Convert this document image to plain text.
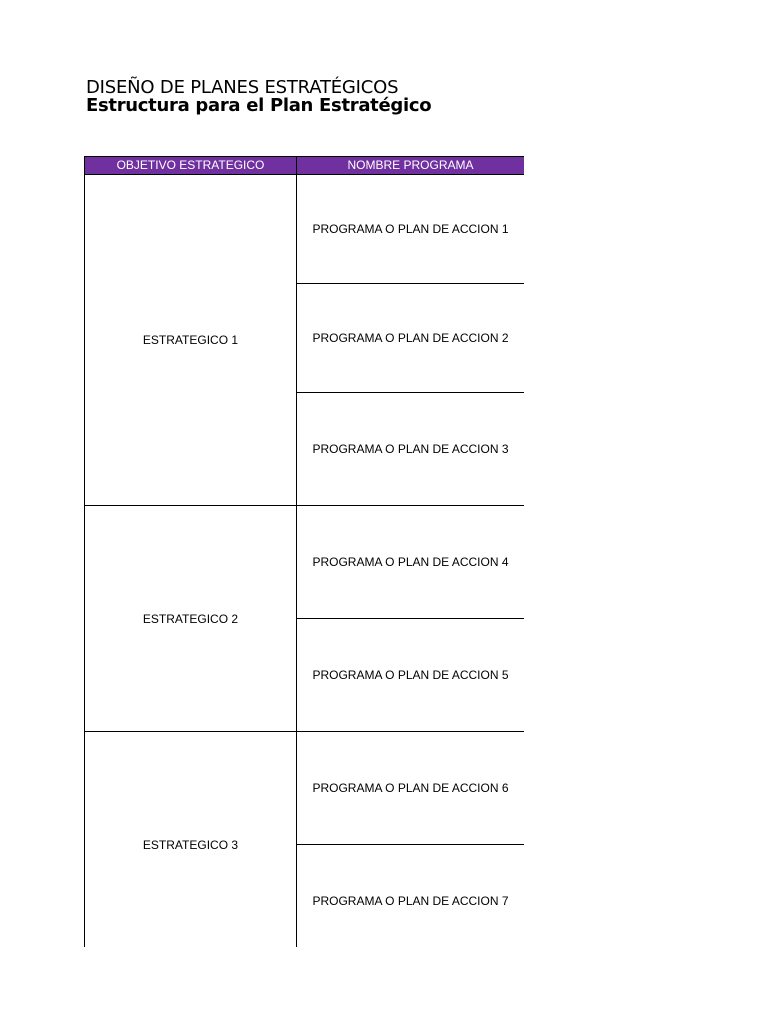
DISEÑO DE PLANES ESTRATÉGICOS
Estructura para el Plan Estratégico
OBJETIVO ESTRATEGICO	NOMBRE PROGRAMA
ESTRATEGICO 1	PROGRAMA O PLAN DE ACCION 1
	PROGRAMA O PLAN DE ACCION 2
	PROGRAMA O PLAN DE ACCION 3
ESTRATEGICO 2	PROGRAMA O PLAN DE ACCION 4
	PROGRAMA O PLAN DE ACCION 5
ESTRATEGICO 3	PROGRAMA O PLAN DE ACCION 6
	PROGRAMA O PLAN DE ACCION 7
